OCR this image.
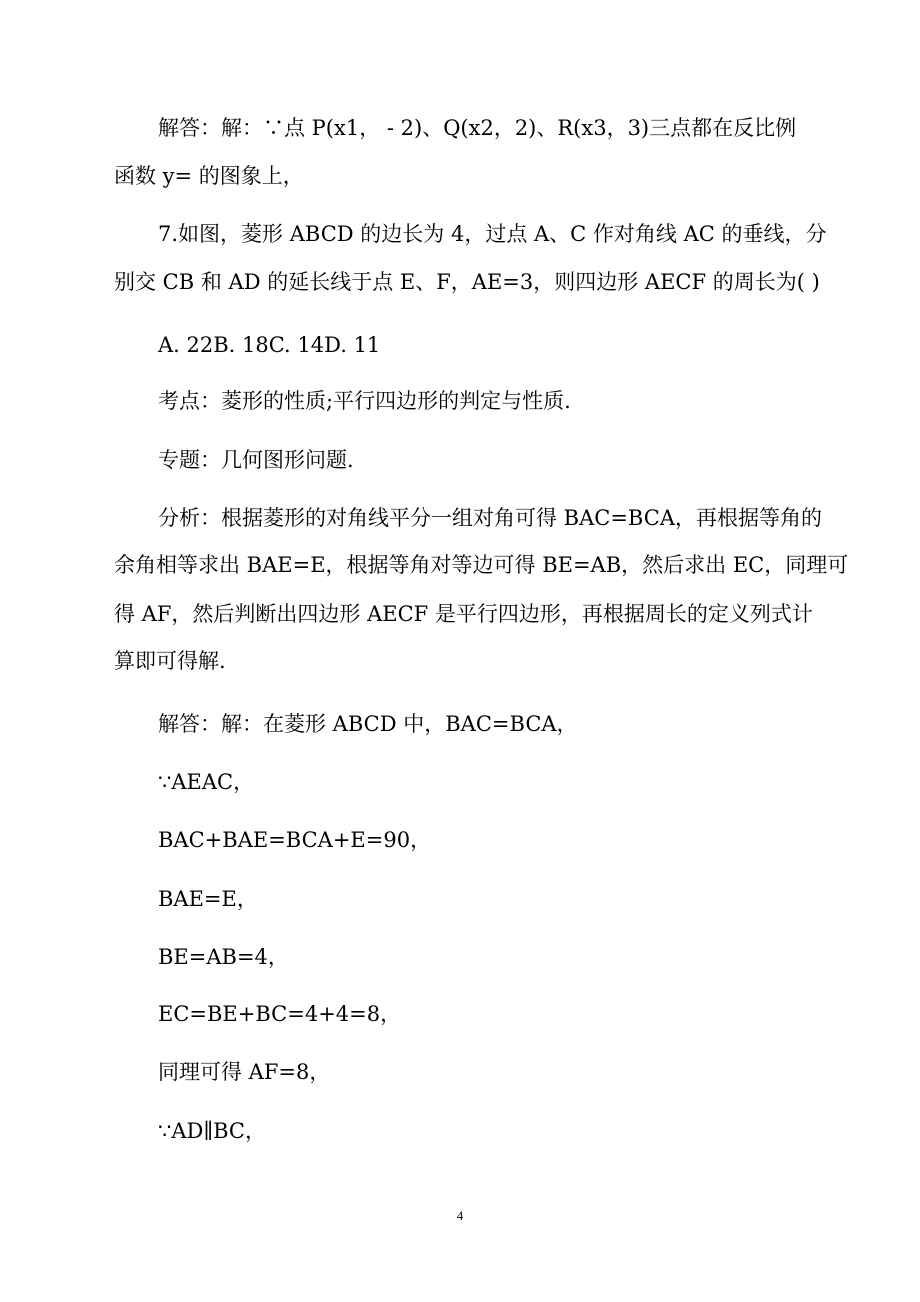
解答：解：∵点 P(x1， - 2)、Q(x2，2)、R(x3，3)三点都在反比例
函数 y= 的图象上，
7.如图，菱形 ABCD 的边长为 4，过点 A、C 作对角线 AC 的垂线，分
别交 CB 和 AD 的延长线于点 E、F，AE=3，则四边形 AECF 的周长为( )
A. 22B. 18C. 14D. 11
考点：菱形的性质;平行四边形的判定与性质.
专题：几何图形问题.
分析：根据菱形的对角线平分一组对角可得 BAC=BCA，再根据等角的
余角相等求出 BAE=E，根据等角对等边可得 BE=AB，然后求出 EC，同理可
得 AF，然后判断出四边形 AECF 是平行四边形，再根据周长的定义列式计
算即可得解.
解答：解：在菱形 ABCD 中，BAC=BCA，
∵AEAC，
BAC+BAE=BCA+E=90，
BAE=E，
BE=AB=4，
EC=BE+BC=4+4=8，
同理可得 AF=8，
∵AD∥BC，
4
